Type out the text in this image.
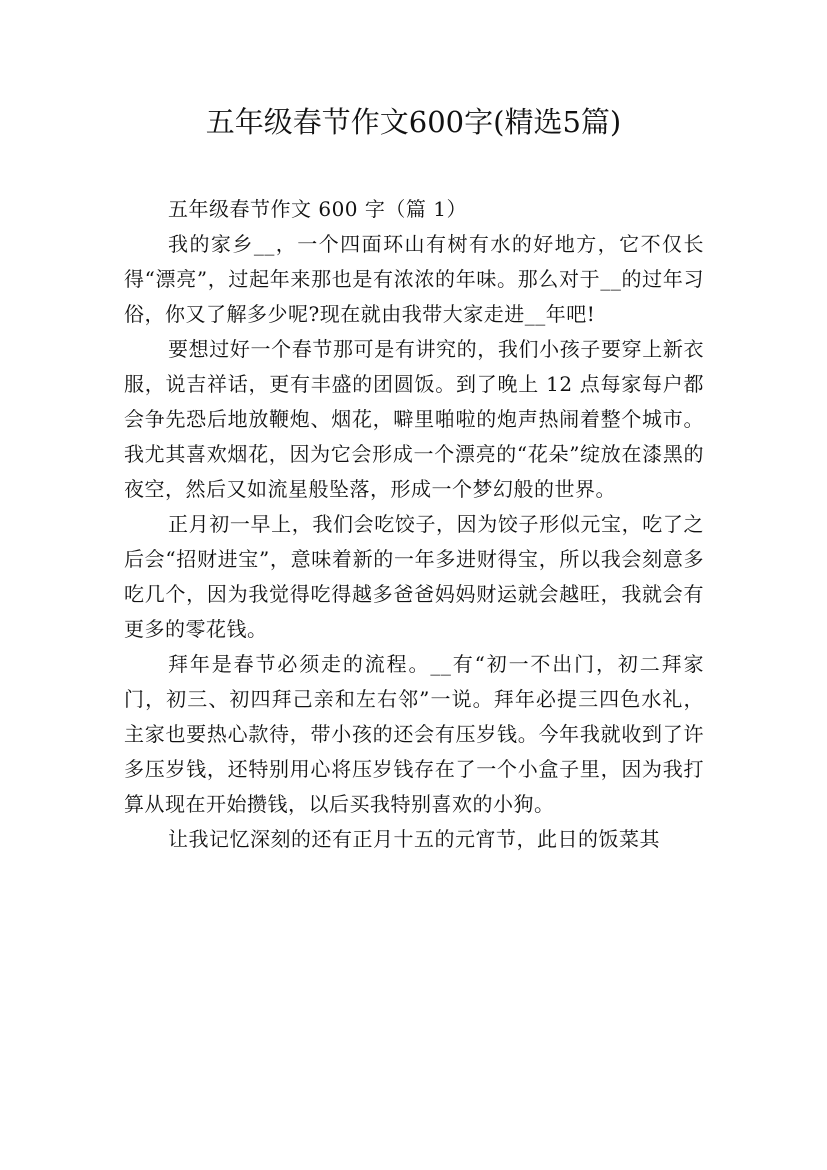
五年级春节作文600字(精选5篇)

五年级春节作文 600 字（篇 1）

我的家乡__，一个四面环山有树有水的好地方，它不仅长得“漂亮”，过起年来那也是有浓浓的年味。那么对于__的过年习俗，你又了解多少呢?现在就由我带大家走进__年吧!

要想过好一个春节那可是有讲究的，我们小孩子要穿上新衣服，说吉祥话，更有丰盛的团圆饭。到了晚上 12 点每家每户都会争先恐后地放鞭炮、烟花，噼里啪啦的炮声热闹着整个城市。我尤其喜欢烟花，因为它会形成一个漂亮的“花朵”绽放在漆黑的夜空，然后又如流星般坠落，形成一个梦幻般的世界。

正月初一早上，我们会吃饺子，因为饺子形似元宝，吃了之后会“招财进宝”，意味着新的一年多进财得宝，所以我会刻意多吃几个，因为我觉得吃得越多爸爸妈妈财运就会越旺，我就会有更多的零花钱。

拜年是春节必须走的流程。__有“初一不出门，初二拜家门，初三、初四拜己亲和左右邻”一说。拜年必提三四色水礼，主家也要热心款待，带小孩的还会有压岁钱。今年我就收到了许多压岁钱，还特别用心将压岁钱存在了一个小盒子里，因为我打算从现在开始攒钱，以后买我特别喜欢的小狗。

让我记忆深刻的还有正月十五的元宵节，此日的饭菜其
